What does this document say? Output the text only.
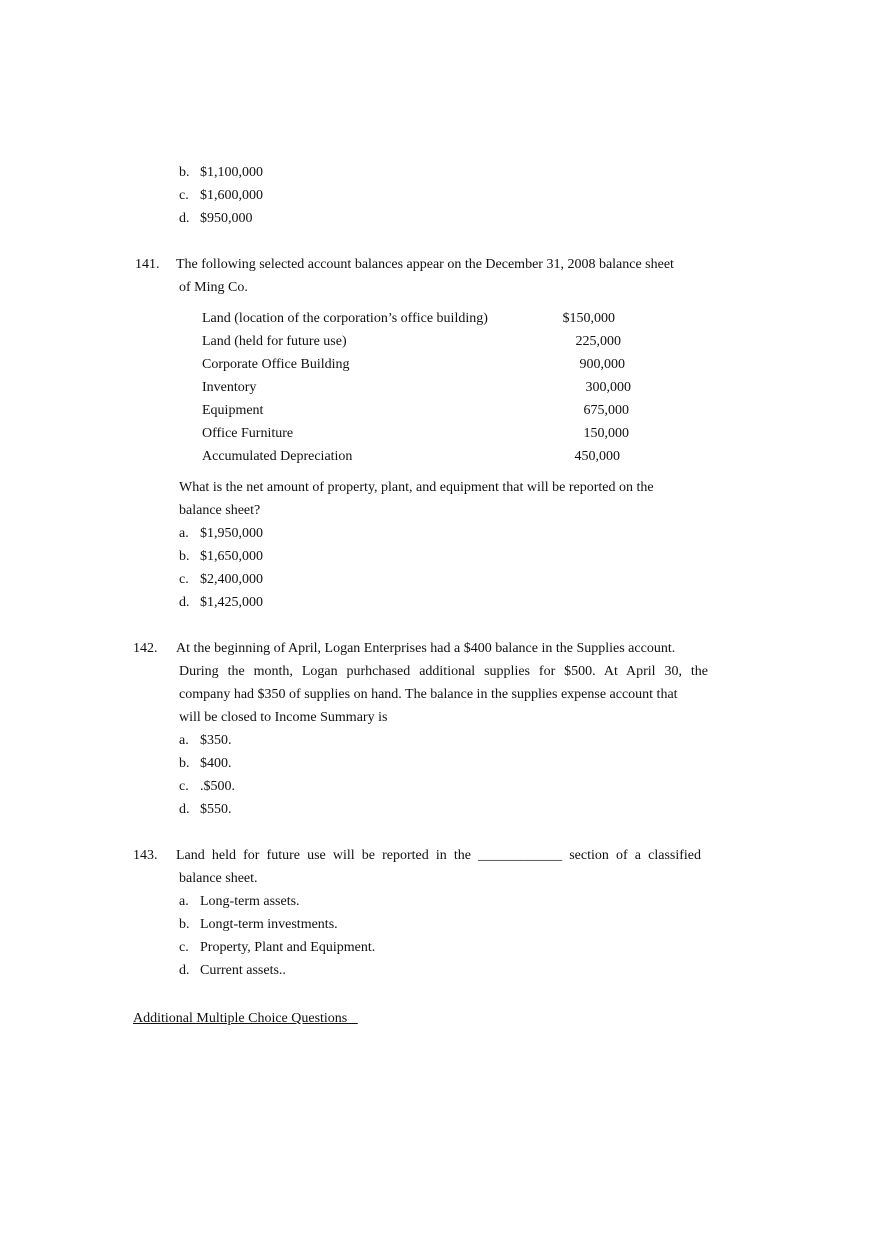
b. $1,100,000
c. $1,600,000
d. $950,000
141. The following selected account balances appear on the December 31, 2008 balance sheet
of Ming Co.
Land (location of the corporation’s office building)	$150,000
Land (held for future use)	225,000
Corporate Office Building	900,000
Inventory	300,000
Equipment	675,000
Office Furniture	150,000
Accumulated Depreciation	450,000
What is the net amount of property, plant, and equipment that will be reported on the
balance sheet?
a. $1,950,000
b. $1,650,000
c. $2,400,000
d. $1,425,000
142. At the beginning of April, Logan Enterprises had a $400 balance in the Supplies account.
During the month, Logan purhchased additional supplies for $500. At April 30, the
company had $350 of supplies on hand. The balance in the supplies expense account that
will be closed to Income Summary is
a. $350.
b. $400.
c. .$500.
d. $550.
143. Land held for future use will be reported in the ____________ section of a classified
balance sheet.
a. Long-term assets.
b. Longt-term investments.
c. Property, Plant and Equipment.
d. Current assets..
Additional Multiple Choice Questions
